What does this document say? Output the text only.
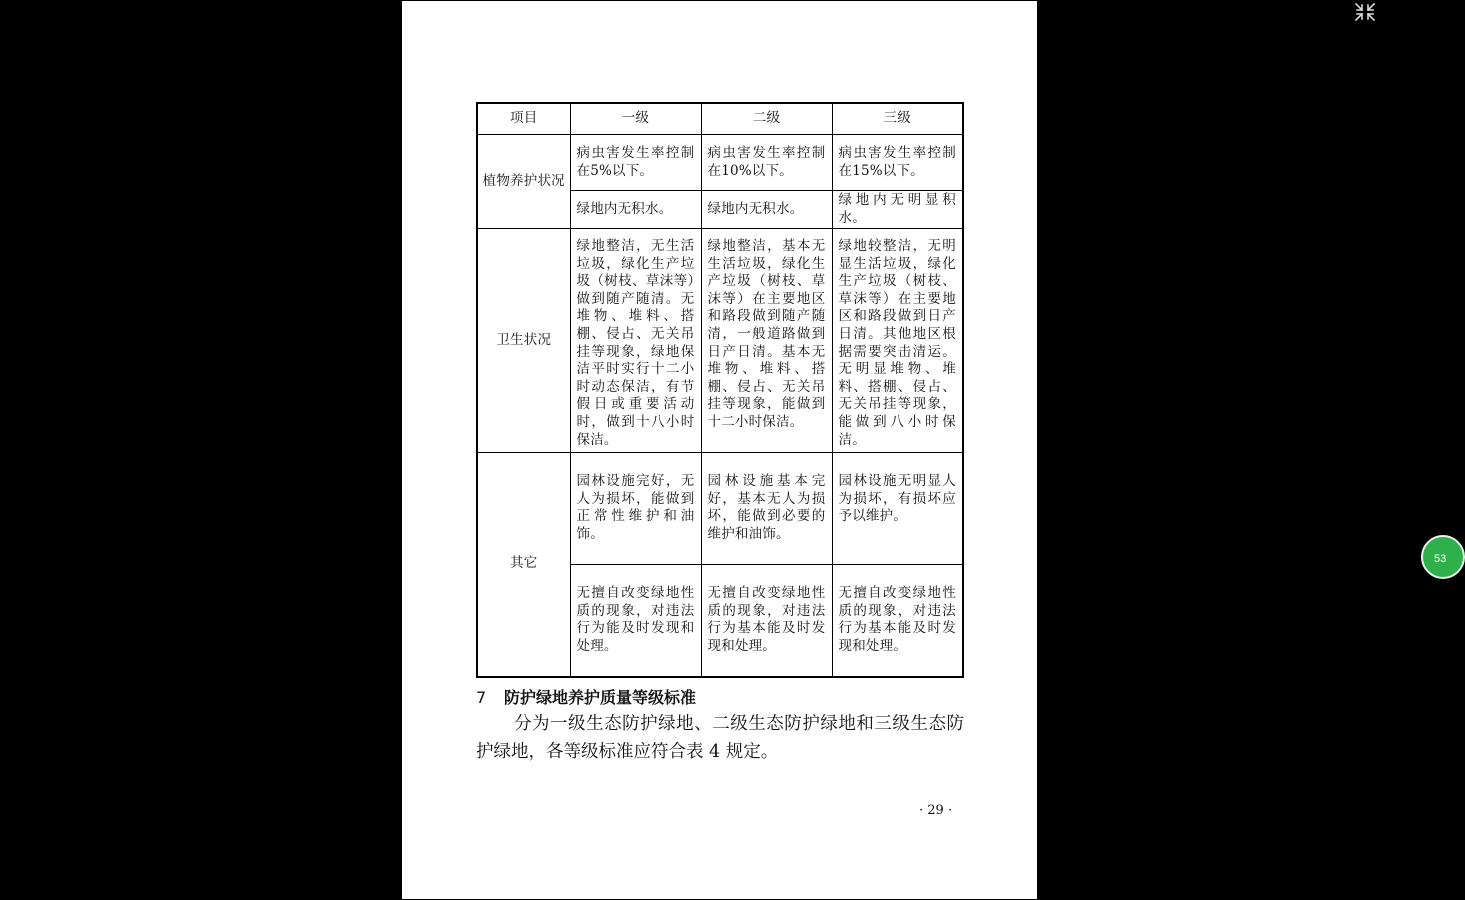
项目	一级	二级	三级
植物养护状况	病虫害发生率控制在5%以下。	病虫害发生率控制在10%以下。	病虫害发生率控制在15%以下。
	绿地内无积水。	绿地内无积水。	绿地内无明显积水。
卫生状况	绿地整洁，无生活垃圾，绿化生产垃圾（树枝、草沫等）做到随产随清。无堆物、堆料、搭棚、侵占、无关吊挂等现象，绿地保洁平时实行十二小时动态保洁，有节假日或重要活动时，做到十八小时保洁。	绿地整洁，基本无生活垃圾，绿化生产垃圾（树枝、草沫等）在主要地区和路段做到随产随清，一般道路做到日产日清。基本无堆物、堆料、搭棚、侵占、无关吊挂等现象，能做到十二小时保洁。	绿地较整洁，无明显生活垃圾，绿化生产垃圾（树枝、草沫等）在主要地区和路段做到日产日清。其他地区根据需要突击清运。无明显堆物、堆料、搭棚、侵占、无关吊挂等现象，能做到八小时保洁。
其它	园林设施完好，无人为损坏，能做到正常性维护和油饰。	园林设施基本完好，基本无人为损坏，能做到必要的维护和油饰。	园林设施无明显人为损坏，有损坏应予以维护。
	无擅自改变绿地性质的现象，对违法行为能及时发现和处理。	无擅自改变绿地性质的现象，对违法行为基本能及时发现和处理。	无擅自改变绿地性质的现象，对违法行为基本能及时发现和处理。
7 防护绿地养护质量等级标准
分为一级生态防护绿地、二级生态防护绿地和三级生态防护绿地，各等级标准应符合表 4 规定。
· 29 ·
53
